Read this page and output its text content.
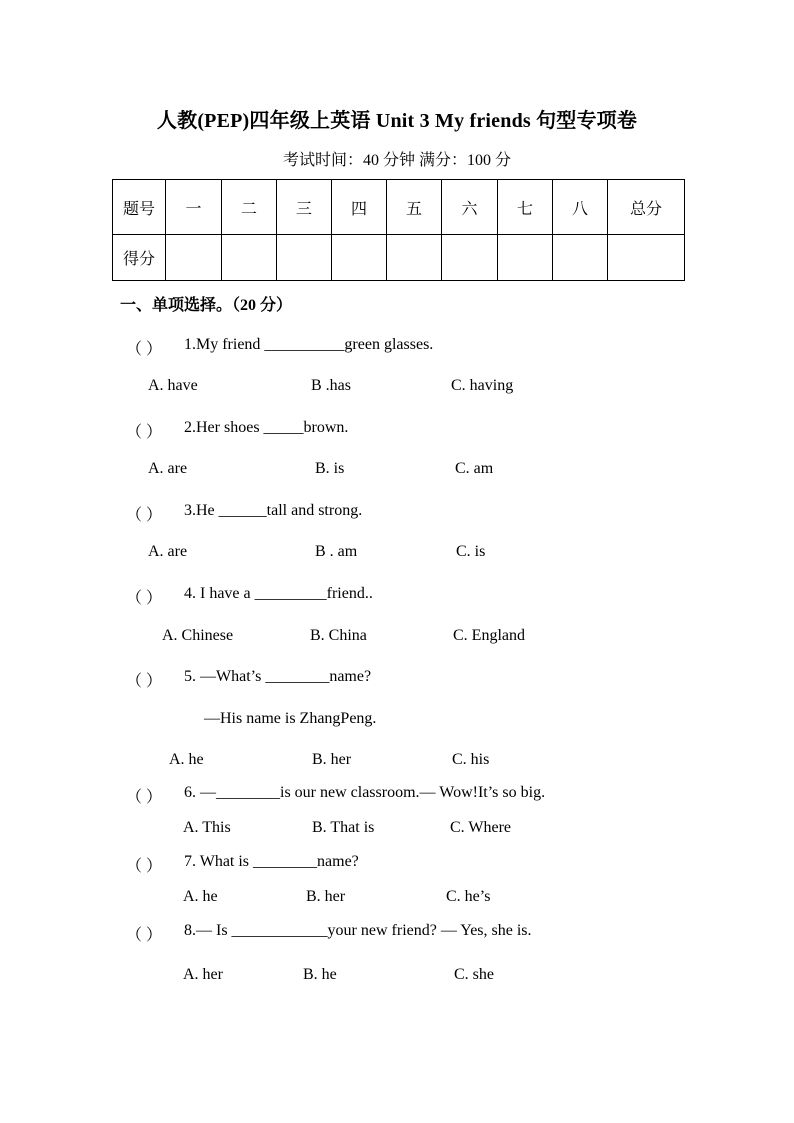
人教(PEP)四年级上英语 Unit 3 My friends 句型专项卷
考试时间：40 分钟 满分：100 分
题号	一	二	三	四	五	六	七	八	总分
得分									
一、单项选择。（20 分）
（ ） 1.My friend __________green glasses.
A. have	B .has	C. having
（ ） 2.Her shoes _____brown.
A. are	B. is	C. am
（ ） 3.He ______tall and strong.
A. are	B . am	C. is
（ ） 4. I have a _________friend..
A. Chinese	B. China	C. England
（ ） 5. —What’s ________name?
—His name is ZhangPeng.
A. he	B. her	C. his
（ ） 6. —________is our new classroom.— Wow!It’s so big.
A. This	B. That is	C. Where
（ ） 7. What is ________name?
A. he	B. her	C. he’s
（ ） 8.— Is ____________your new friend? — Yes, she is.
A. her	B. he	C. she
